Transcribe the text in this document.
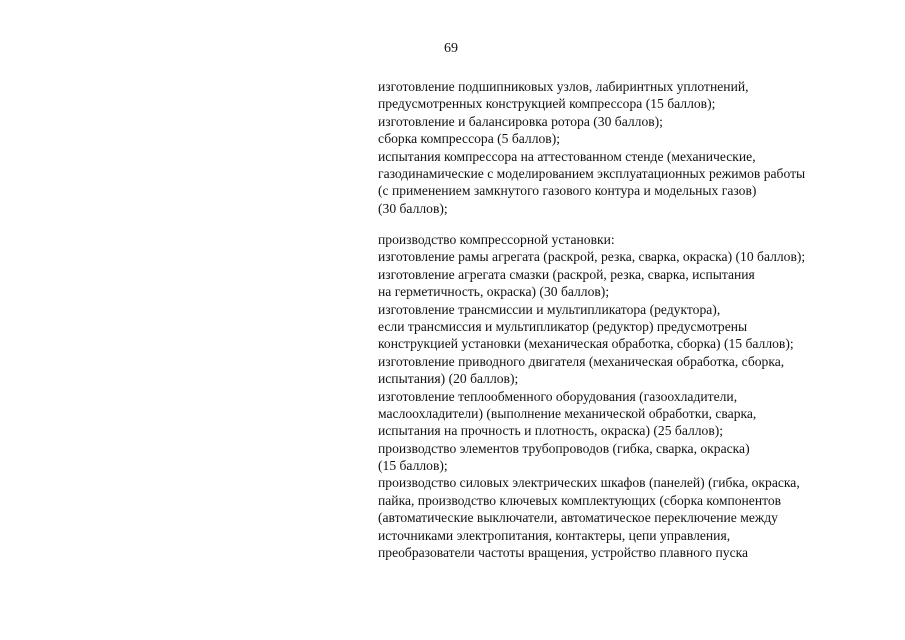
69
изготовление подшипниковых узлов, лабиринтных уплотнений,
предусмотренных конструкцией компрессора (15 баллов);
изготовление и балансировка ротора (30 баллов);
сборка компрессора (5 баллов);
испытания компрессора на аттестованном стенде (механические,
газодинамические с моделированием эксплуатационных режимов работы
(с применением замкнутого газового контура и модельных газов)
(30 баллов);
производство компрессорной установки:
изготовление рамы агрегата (раскрой, резка, сварка, окраска) (10 баллов);
изготовление агрегата смазки (раскрой, резка, сварка, испытания
на герметичность, окраска) (30 баллов);
изготовление трансмиссии и мультипликатора (редуктора),
если трансмиссия и мультипликатор (редуктор) предусмотрены
конструкцией установки (механическая обработка, сборка) (15 баллов);
изготовление приводного двигателя (механическая обработка, сборка,
испытания) (20 баллов);
изготовление теплообменного оборудования (газоохладители,
маслоохладители) (выполнение механической обработки, сварка,
испытания на прочность и плотность, окраска) (25 баллов);
производство элементов трубопроводов (гибка, сварка, окраска)
(15 баллов);
производство силовых электрических шкафов (панелей) (гибка, окраска,
пайка, производство ключевых комплектующих (сборка компонентов
(автоматические выключатели, автоматическое переключение между
источниками электропитания, контактеры, цепи управления,
преобразователи частоты вращения, устройство плавного пуска
